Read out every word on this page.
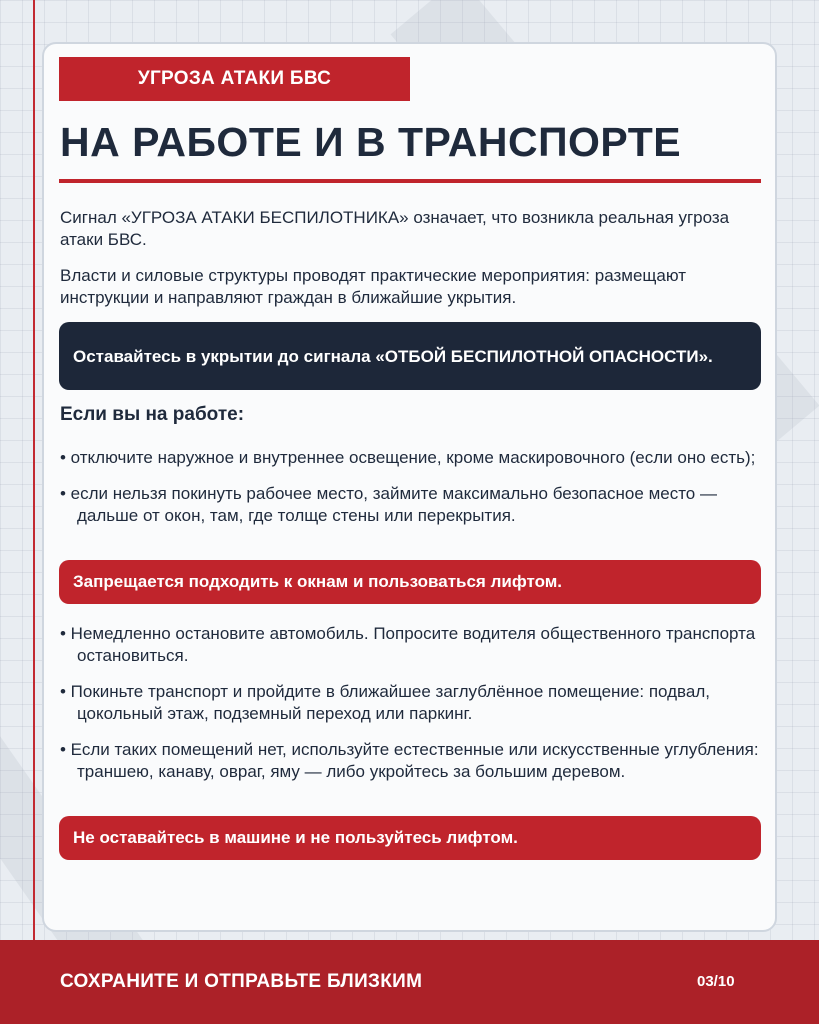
УГРОЗА АТАКИ БВС
НА РАБОТЕ И В ТРАНСПОРТЕ

Сигнал «УГРОЗА АТАКИ БЕСПИЛОТНИКА» означает, что возникла реальная угроза атаки БВС.

Власти и силовые структуры проводят практические мероприятия: размещают инструкции и направляют граждан в ближайшие укрытия.

Оставайтесь в укрытии до сигнала «ОТБОЙ БЕСПИЛОТНОЙ ОПАСНОСТИ».
Если вы на работе:
• отключите наружное и внутреннее освещение, кроме маскировочного (если оно есть);
• если нельзя покинуть рабочее место, займите максимально безопасное место — дальше от окон, там, где толще стены или перекрытия.
Запрещается подходить к окнам и пользоваться лифтом.
• Немедленно остановите автомобиль. Попросите водителя общественного транспорта остановиться.
• Покиньте транспорт и пройдите в ближайшее заглублённое помещение: подвал, цокольный этаж, подземный переход или паркинг.
• Если таких помещений нет, используйте естественные или искусственные углубления: траншею, канаву, овраг, яму — либо укройтесь за большим деревом.
Не оставайтесь в машине и не пользуйтесь лифтом.
СОХРАНИТЕ И ОТПРАВЬТЕ БЛИЗКИМ	03/10
